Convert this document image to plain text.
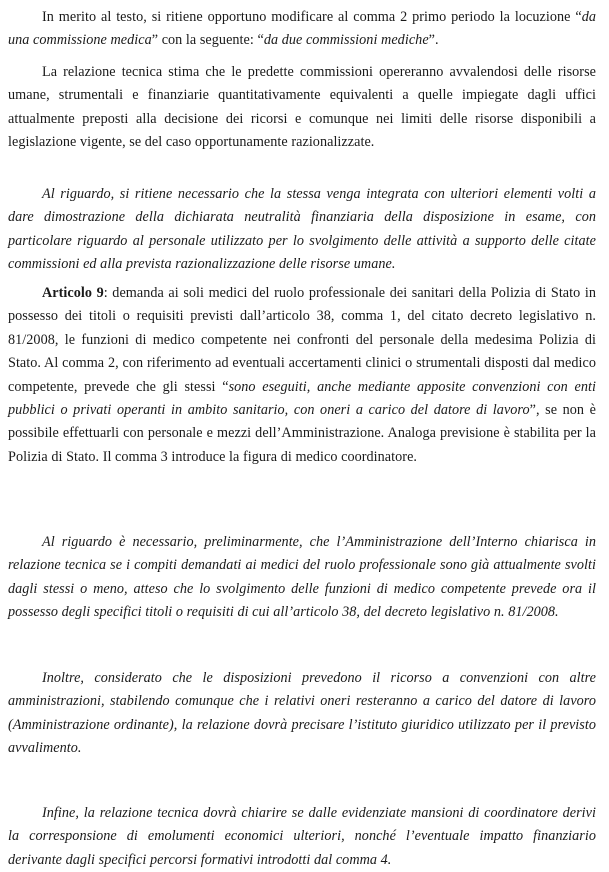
In merito al testo, si ritiene opportuno modificare al comma 2 primo periodo la locuzione “da una commissione medica” con la seguente: “da due commissioni mediche”.

La relazione tecnica stima che le predette commissioni opereranno avvalendosi delle risorse umane, strumentali e finanziarie quantitativamente equivalenti a quelle impiegate dagli uffici attualmente preposti alla decisione dei ricorsi e comunque nei limiti delle risorse disponibili a legislazione vigente, se del caso opportunamente razionalizzate.

Al riguardo, si ritiene necessario che la stessa venga integrata con ulteriori elementi volti a dare dimostrazione della dichiarata neutralità finanziaria della disposizione in esame, con particolare riguardo al personale utilizzato per lo svolgimento delle attività a supporto delle citate commissioni ed alla prevista razionalizzazione delle risorse umane.

Articolo 9: demanda ai soli medici del ruolo professionale dei sanitari della Polizia di Stato in possesso dei titoli o requisiti previsti dall’articolo 38, comma 1, del citato decreto legislativo n. 81/2008, le funzioni di medico competente nei confronti del personale della medesima Polizia di Stato. Al comma 2, con riferimento ad eventuali accertamenti clinici o strumentali disposti dal medico competente, prevede che gli stessi “sono eseguiti, anche mediante apposite convenzioni con enti pubblici o privati operanti in ambito sanitario, con oneri a carico del datore di lavoro”, se non è possibile effettuarli con personale e mezzi dell’Amministrazione. Analoga previsione è stabilita per la Polizia di Stato. Il comma 3 introduce la figura di medico coordinatore.

Al riguardo è necessario, preliminarmente, che l’Amministrazione dell’Interno chiarisca in relazione tecnica se i compiti demandati ai medici del ruolo professionale sono già attualmente svolti dagli stessi o meno, atteso che lo svolgimento delle funzioni di medico competente prevede ora il possesso degli specifici titoli o requisiti di cui all’articolo 38, del decreto legislativo n. 81/2008.

Inoltre, considerato che le disposizioni prevedono il ricorso a convenzioni con altre amministrazioni, stabilendo comunque che i relativi oneri resteranno a carico del datore di lavoro (Amministrazione ordinante), la relazione dovrà precisare l’istituto giuridico utilizzato per il previsto avvalimento.

Infine, la relazione tecnica dovrà chiarire se dalle evidenziate mansioni di coordinatore derivi la corresponsione di emolumenti economici ulteriori, nonché l’eventuale impatto finanziario derivante dagli specifici percorsi formativi introdotti dal comma 4.
